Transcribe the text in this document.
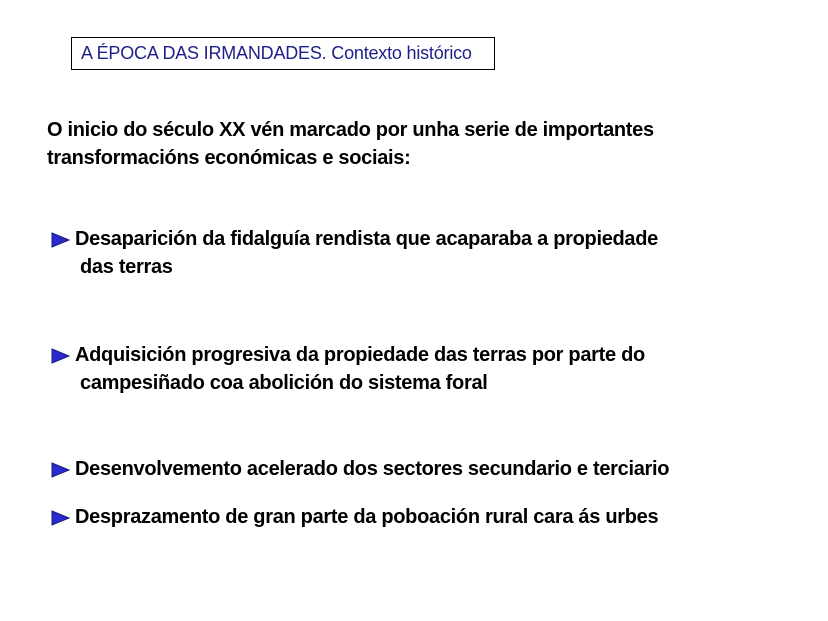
A ÉPOCA DAS IRMANDADES. Contexto histórico
O inicio do século XX vén marcado por unha serie de importantes
transformacións económicas e sociais:
Desaparición da fidalguía rendista que acaparaba a propiedade
das terras
Adquisición progresiva da propiedade das terras por parte do
campesiñado coa abolición do sistema foral
Desenvolvemento acelerado dos sectores secundario e terciario
Desprazamento de gran parte da poboación rural cara ás urbes
